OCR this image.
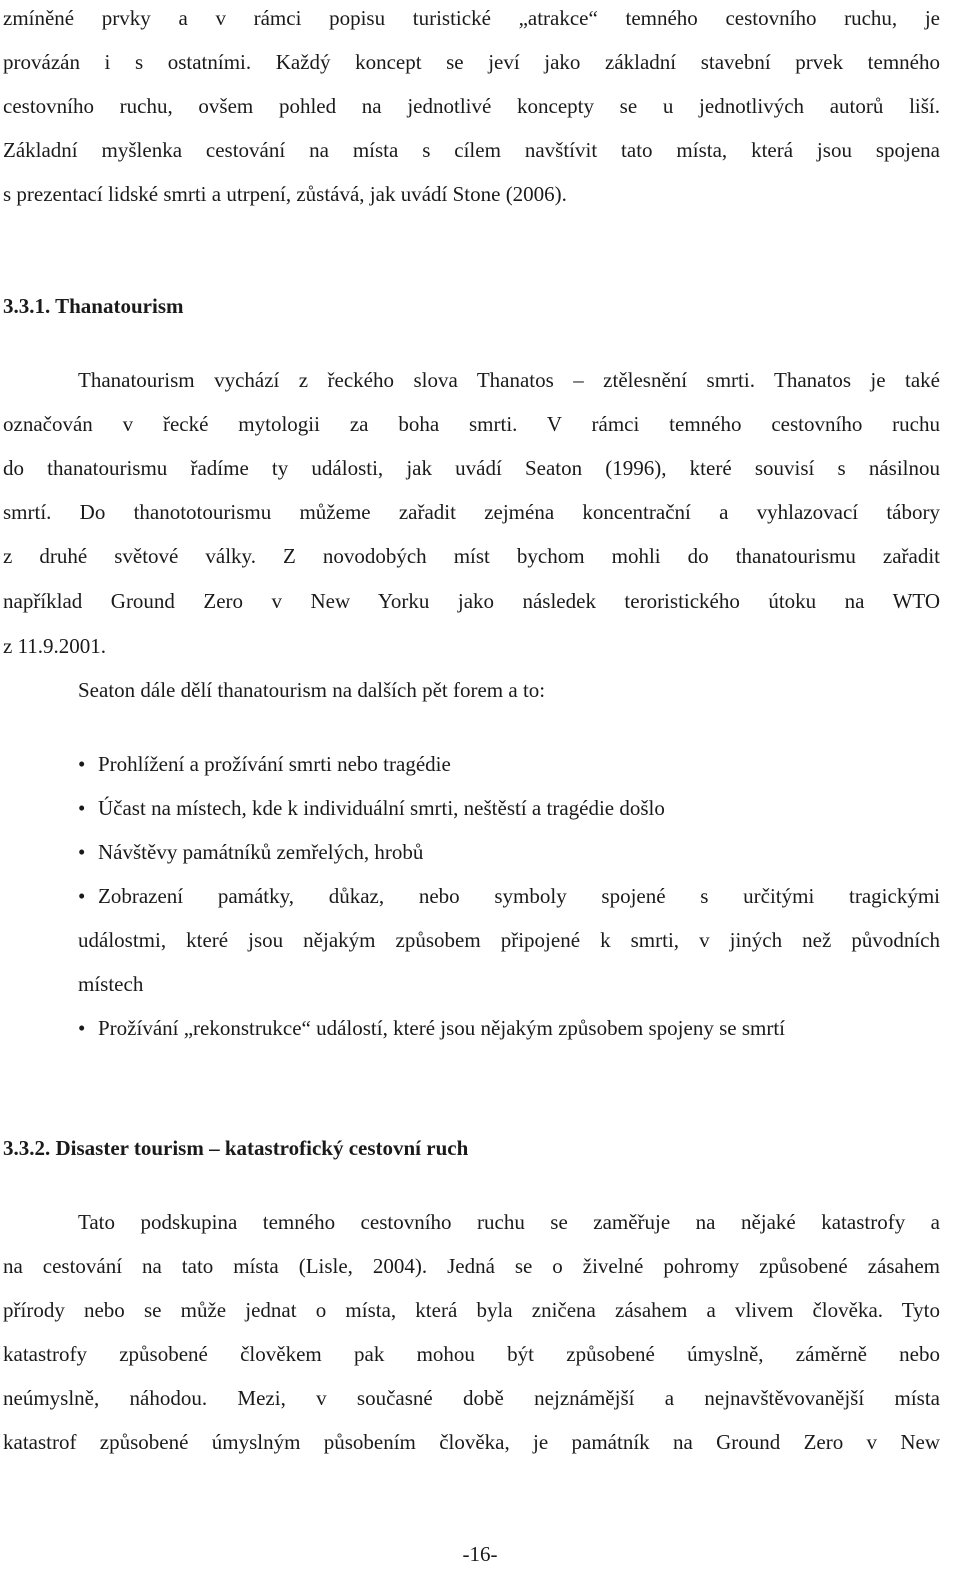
zmíněné prvky a v rámci popisu turistické „atrakce“ temného cestovního ruchu, je
provázán i s ostatními. Každý koncept se jeví jako základní stavební prvek temného
cestovního ruchu, ovšem pohled na jednotlivé koncepty se u jednotlivých autorů liší.
Základní myšlenka cestování na místa s cílem navštívit tato místa, která jsou spojena
s prezentací lidské smrti a utrpení, zůstává, jak uvádí Stone (2006).
3.3.1. Thanatourism
Thanatourism vychází z řeckého slova Thanatos – ztělesnění smrti. Thanatos je také
označován v řecké mytologii za boha smrti. V rámci temného cestovního ruchu
do thanatourismu řadíme ty události, jak uvádí Seaton (1996), které souvisí s násilnou
smrtí. Do thanototourismu můžeme zařadit zejména koncentrační a vyhlazovací tábory
z druhé světové války. Z novodobých míst bychom mohli do thanatourismu zařadit
například Ground Zero v New Yorku jako následek teroristického útoku na WTO
z 11.9.2001.
Seaton dále dělí thanatourism na dalších pět forem a to:
• Prohlížení a prožívání smrti nebo tragédie
• Účast na místech, kde k individuální smrti, neštěstí a tragédie došlo
• Návštěvy památníků zemřelých, hrobů
• Zobrazení památky, důkaz, nebo symboly spojené s určitými tragickými
událostmi, které jsou nějakým způsobem připojené k smrti, v jiných než původních
místech
• Prožívání „rekonstrukce“ událostí, které jsou nějakým způsobem spojeny se smrtí
3.3.2. Disaster tourism – katastrofický cestovní ruch
Tato podskupina temného cestovního ruchu se zaměřuje na nějaké katastrofy a
na cestování na tato místa (Lisle, 2004). Jedná se o živelné pohromy způsobené zásahem
přírody nebo se může jednat o místa, která byla zničena zásahem a vlivem člověka. Tyto
katastrofy způsobené člověkem pak mohou být způsobené úmyslně, záměrně nebo
neúmyslně, náhodou. Mezi, v současné době nejznámější a nejnavštěvovanější místa
katastrof způsobené úmyslným působením člověka, je památník na Ground Zero v New
-16-
